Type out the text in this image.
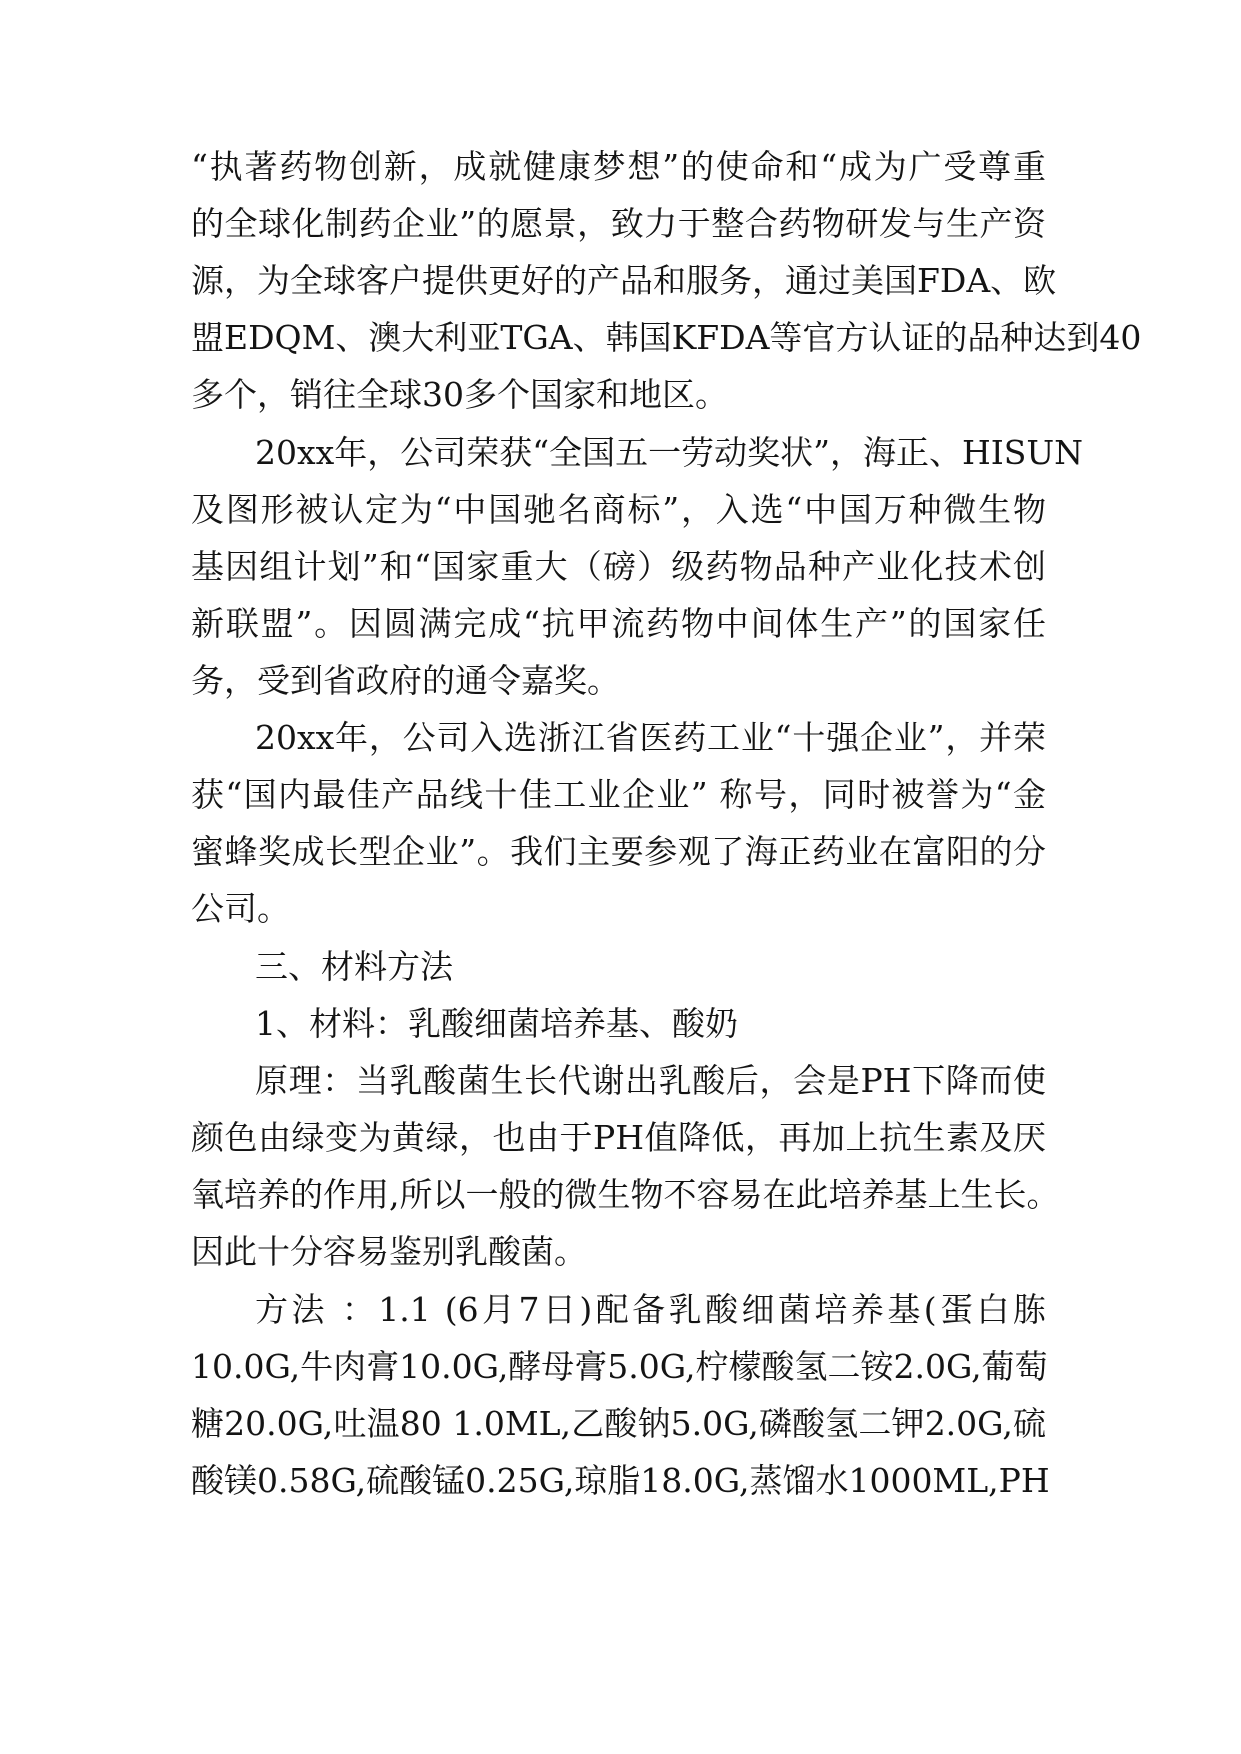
“执著药物创新，成就健康梦想”的使命和“成为广受尊重
的全球化制药企业”的愿景，致力于整合药物研发与生产资
源，为全球客户提供更好的产品和服务，通过美国FDA、欧
盟EDQM、澳大利亚TGA、韩国KFDA等官方认证的品种达到40
多个，销往全球30多个国家和地区。
20xx年，公司荣获“全国五一劳动奖状”，海正、HISUN
及图形被认定为“中国驰名商标”，入选“中国万种微生物
基因组计划”和“国家重大（磅）级药物品种产业化技术创
新联盟”。因圆满完成“抗甲流药物中间体生产”的国家任
务，受到省政府的通令嘉奖。
20xx年，公司入选浙江省医药工业“十强企业”，并荣
获“国内最佳产品线十佳工业企业” 称号，同时被誉为“金
蜜蜂奖成长型企业”。我们主要参观了海正药业在富阳的分
公司。
三、材料方法
1、材料：乳酸细菌培养基、酸奶
原理：当乳酸菌生长代谢出乳酸后，会是PH下降而使
颜色由绿变为黄绿，也由于PH值降低，再加上抗生素及厌
氧培养的作用,所以一般的微生物不容易在此培养基上生长。
因此十分容易鉴别乳酸菌。
方法 ：1.1 (6月7日)配备乳酸细菌培养基(蛋白胨
10.0G,牛肉膏10.0G,酵母膏5.0G,柠檬酸氢二铵2.0G,葡萄
糖20.0G,吐温80 1.0ML,乙酸钠5.0G,磷酸氢二钾2.0G,硫
酸镁0.58G,硫酸锰0.25G,琼脂18.0G,蒸馏水1000ML,PH
